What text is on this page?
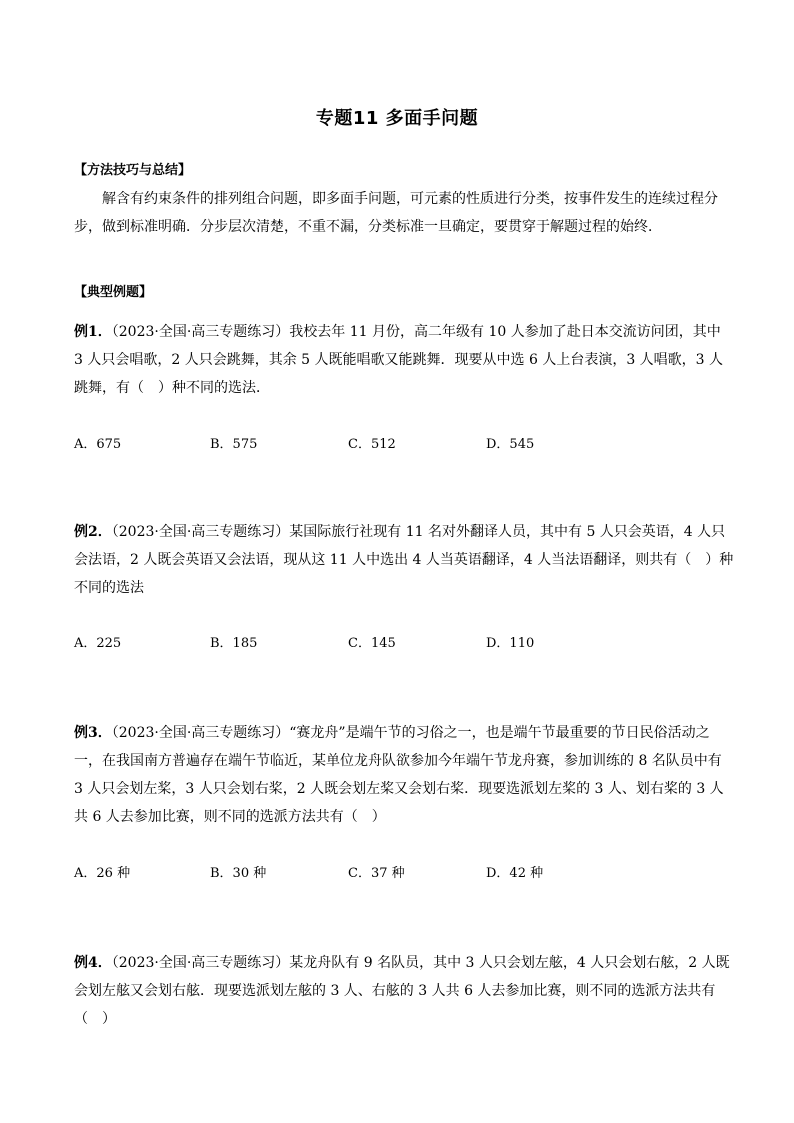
专题11 多面手问题
【方法技巧与总结】
解含有约束条件的排列组合问题，即多面手问题，可元素的性质进行分类，按事件发生的连续过程分步，做到标准明确．分步层次清楚，不重不漏，分类标准一旦确定，要贯穿于解题过程的始终．
【典型例题】
例1．（2023·全国·高三专题练习）我校去年 11 月份，高二年级有 10 人参加了赴日本交流访问团，其中 3 人只会唱歌，2 人只会跳舞，其余 5 人既能唱歌又能跳舞．现要从中选 6 人上台表演，3 人唱歌，3 人跳舞，有（　）种不同的选法．
A．675	B．575	C．512	D．545
例2．（2023·全国·高三专题练习）某国际旅行社现有 11 名对外翻译人员，其中有 5 人只会英语，4 人只会法语，2 人既会英语又会法语，现从这 11 人中选出 4 人当英语翻译，4 人当法语翻译，则共有（　）种不同的选法
A．225	B．185	C．145	D．110
例3．（2023·全国·高三专题练习）“赛龙舟”是端午节的习俗之一，也是端午节最重要的节日民俗活动之一，在我国南方普遍存在端午节临近，某单位龙舟队欲参加今年端午节龙舟赛，参加训练的 8 名队员中有 3 人只会划左桨，3 人只会划右桨，2 人既会划左桨又会划右桨．现要选派划左桨的 3 人、划右桨的 3 人共 6 人去参加比赛，则不同的选派方法共有（　）
A．26 种	B．30 种	C．37 种	D．42 种
例4．（2023·全国·高三专题练习）某龙舟队有 9 名队员，其中 3 人只会划左舷，4 人只会划右舷，2 人既会划左舷又会划右舷．现要选派划左舷的 3 人、右舷的 3 人共 6 人去参加比赛，则不同的选派方法共有（　）
